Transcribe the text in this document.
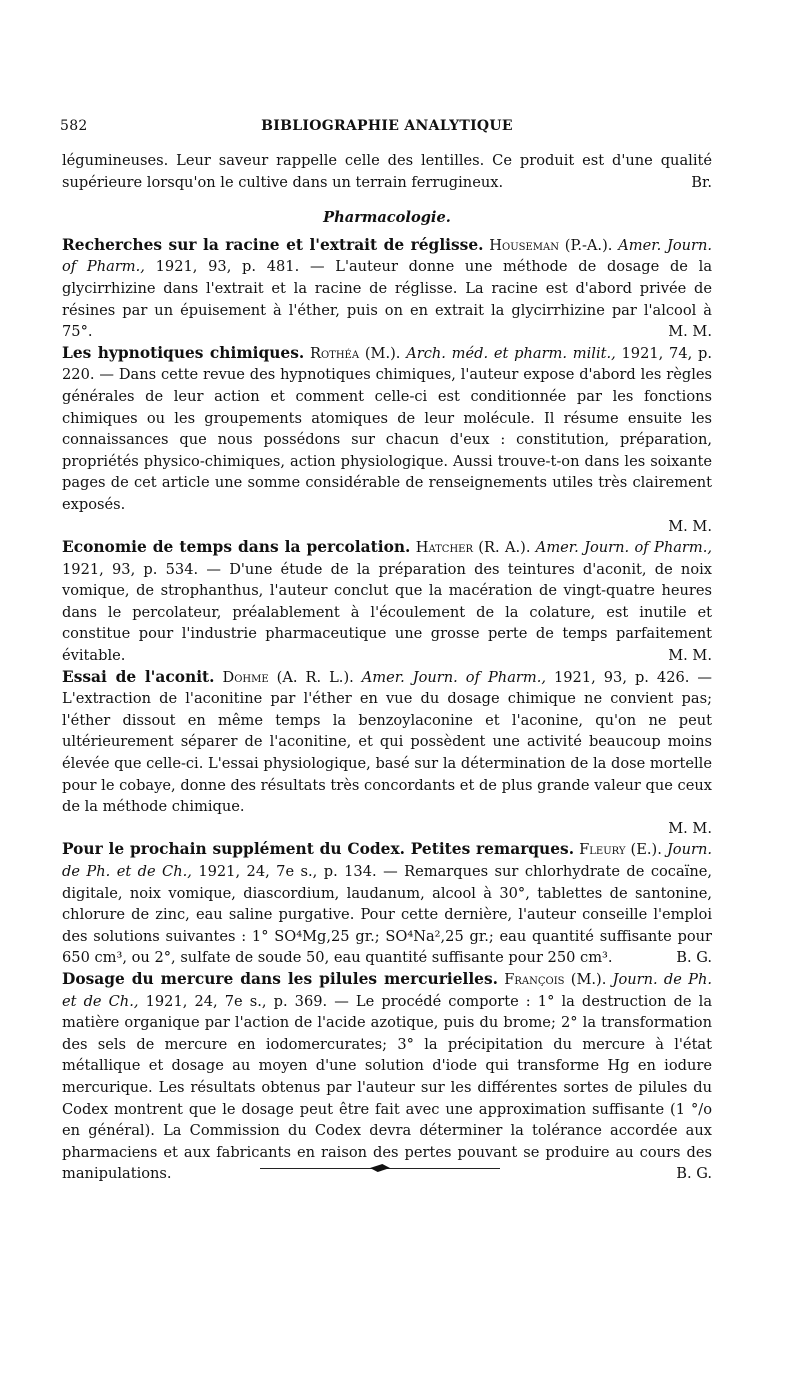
582	BIBLIOGRAPHIE ANALYTIQUE

légumineuses. Leur saveur rappelle celle des lentilles. Ce produit est d'une qualité supérieure lorsqu'on le cultive dans un terrain ferrugineux.	Br.

Pharmacologie.

Recherches sur la racine et l'extrait de réglisse. Houseman (P.-A.). Amer. Journ. of Pharm., 1921, 93, p. 481. — L'auteur donne une méthode de dosage de la glycirrhizine dans l'extrait et la racine de réglisse. La racine est d'abord privée de résines par un épuisement à l'éther, puis on en extrait la glycirrhizine par l'alcool à 75°.	M. M.

Les hypnotiques chimiques. Rothéa (M.). Arch. méd. et pharm. milit., 1921, 74, p. 220. — Dans cette revue des hypnotiques chimiques, l'auteur expose d'abord les règles générales de leur action et comment celle-ci est conditionnée par les fonctions chimiques ou les groupements atomiques de leur molécule. Il résume ensuite les connaissances que nous possédons sur chacun d'eux : constitution, préparation, propriétés physico-chimiques, action physiologique. Aussi trouve-t-on dans les soixante pages de cet article une somme considérable de renseignements utiles très clairement exposés.

M. M.

Economie de temps dans la percolation. Hatcher (R. A.). Amer. Journ. of Pharm., 1921, 93, p. 534. — D'une étude de la préparation des teintures d'aconit, de noix vomique, de strophanthus, l'auteur conclut que la macération de vingt-quatre heures dans le percolateur, préalablement à l'écoulement de la colature, est inutile et constitue pour l'industrie pharmaceutique une grosse perte de temps parfaitement évitable.	M. M.

Essai de l'aconit. Dohme (A. R. L.). Amer. Journ. of Pharm., 1921, 93, p. 426. — L'extraction de l'aconitine par l'éther en vue du dosage chimique ne convient pas; l'éther dissout en même temps la benzoylaconine et l'aconine, qu'on ne peut ultérieurement séparer de l'aconitine, et qui possèdent une activité beaucoup moins élevée que celle-ci. L'essai physiologique, basé sur la détermination de la dose mortelle pour le cobaye, donne des résultats très concordants et de plus grande valeur que ceux de la méthode chimique.

M. M.

Pour le prochain supplément du Codex. Petites remarques. Fleury (E.). Journ. de Ph. et de Ch., 1921, 24, 7e s., p. 134. — Remarques sur chlorhydrate de cocaïne, digitale, noix vomique, diascordium, laudanum, alcool à 30°, tablettes de santonine, chlorure de zinc, eau saline purgative. Pour cette dernière, l'auteur conseille l'emploi des solutions suivantes : 1° SO⁴Mg,25 gr.; SO⁴Na²,25 gr.; eau quantité suffisante pour 650 cm³, ou 2°, sulfate de soude 50, eau quantité suffisante pour 250 cm³.	B. G.

Dosage du mercure dans les pilules mercurielles. François (M.). Journ. de Ph. et de Ch., 1921, 24, 7e s., p. 369. — Le procédé comporte : 1° la destruction de la matière organique par l'action de l'acide azotique, puis du brome; 2° la transformation des sels de mercure en iodomercurates; 3° la précipitation du mercure à l'état métallique et dosage au moyen d'une solution d'iode qui transforme Hg en iodure mercurique. Les résultats obtenus par l'auteur sur les différentes sortes de pilules du Codex montrent que le dosage peut être fait avec une approximation suffisante (1 °/o en général). La Commission du Codex devra déterminer la tolérance accordée aux pharmaciens et aux fabricants en raison des pertes pouvant se produire au cours des manipulations.	B. G.
